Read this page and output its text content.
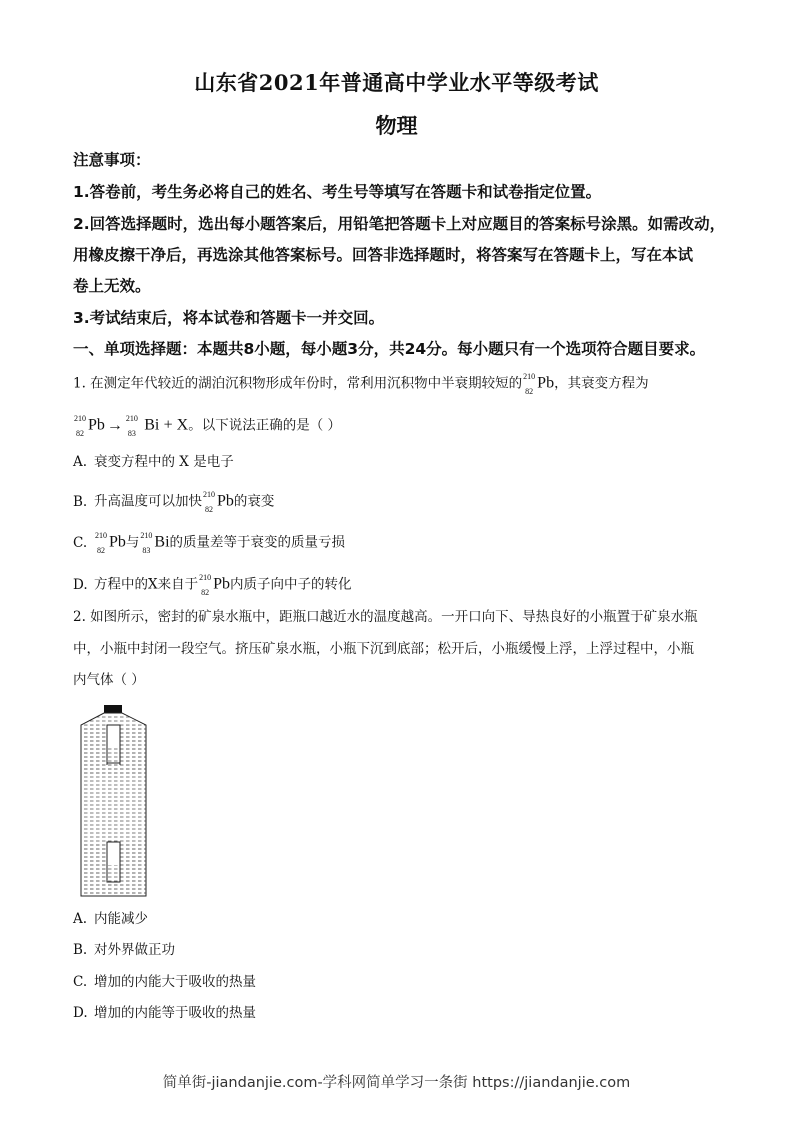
山东省2021年普通高中学业水平等级考试
物理
注意事项：
1.答卷前，考生务必将自己的姓名、考生号等填写在答题卡和试卷指定位置。
2.回答选择题时，选出每小题答案后，用铅笔把答题卡上对应题目的答案标号涂黑。如需改动，
用橡皮擦干净后，再选涂其他答案标号。回答非选择题时，将答案写在答题卡上，写在本试
卷上无效。
3.考试结束后，将本试卷和答题卡一并交回。
一、单项选择题：本题共8小题，每小题3分，共24分。每小题只有一个选项符合题目要求。
1. 在测定年代较近的湖泊沉积物形成年份时，常利用沉积物中半衰期较短的 210
82 Pb，其衰变方程为
210
82 Pb → 210
83 Bi + X。以下说法正确的是（ ）
A. 衰变方程中的 X 是电子
B. 升高温度可以加快 210
82 Pb的衰变
C. 210
82 Pb与 210
83 Bi的质量差等于衰变的质量亏损
D. 方程中的X来自于 210
82 Pb内质子向中子的转化
2. 如图所示，密封的矿泉水瓶中，距瓶口越近水的温度越高。一开口向下、导热良好的小瓶置于矿泉水瓶
中，小瓶中封闭一段空气。挤压矿泉水瓶，小瓶下沉到底部；松开后，小瓶缓慢上浮，上浮过程中，小瓶
内气体（ ）
A. 内能减少
B. 对外界做正功
C. 增加的内能大于吸收的热量
D. 增加的内能等于吸收的热量
简单街-jiandanjie.com-学科网简单学习一条街 https://jiandanjie.com
